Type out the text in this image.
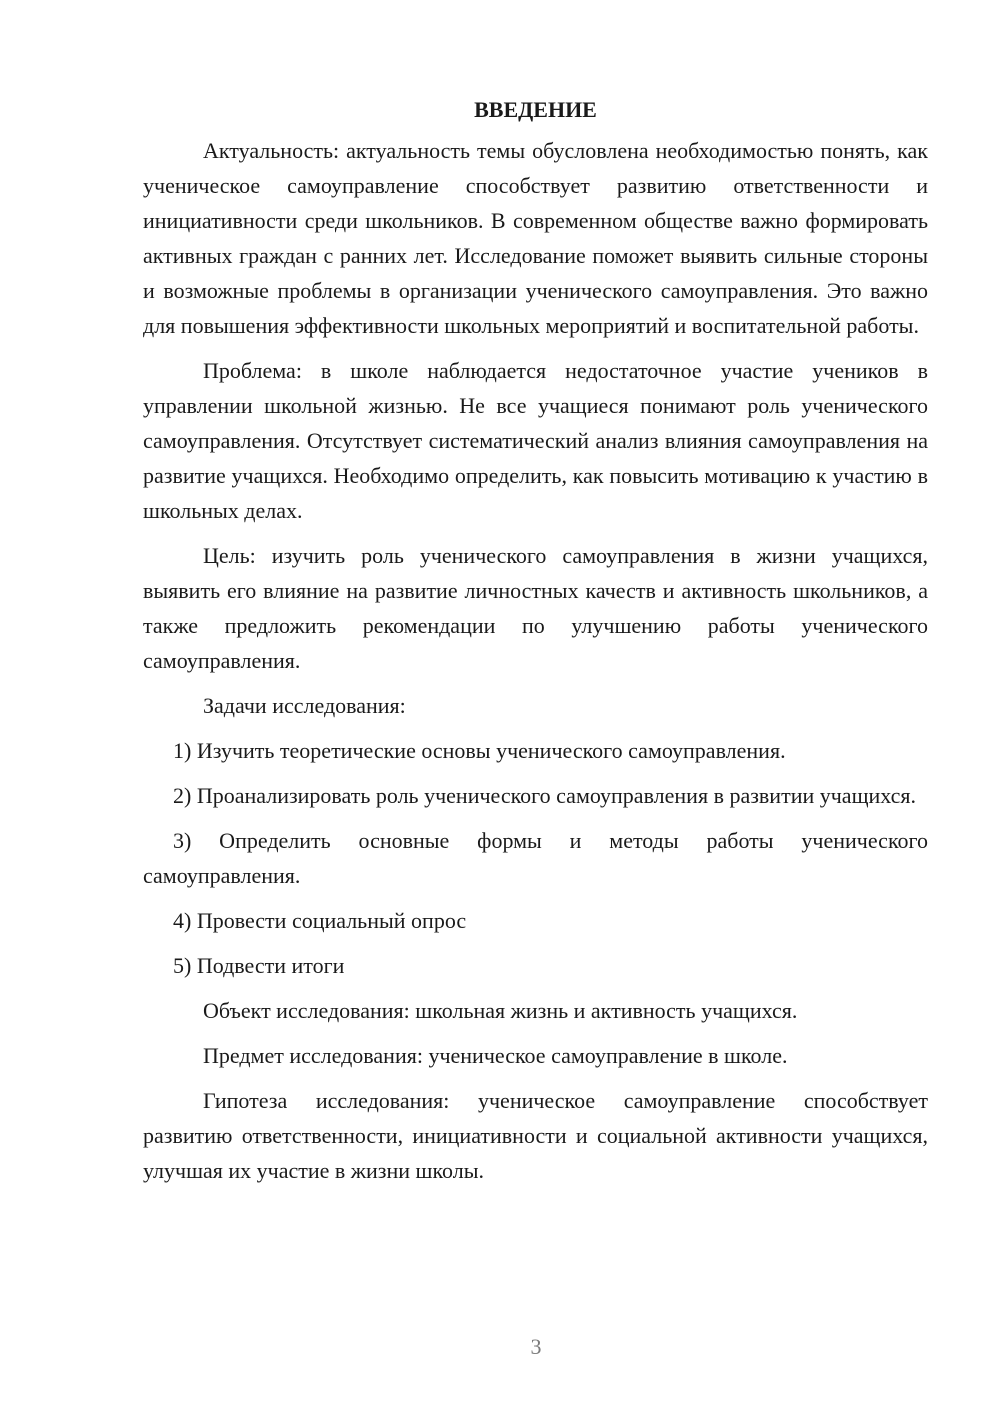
ВВЕДЕНИЕ

Актуальность: актуальность темы обусловлена необходимостью понять, как ученическое самоуправление способствует развитию ответственности и инициативности среди школьников. В современном обществе важно формировать активных граждан с ранних лет. Исследование поможет выявить сильные стороны и возможные проблемы в организации ученического самоуправления. Это важно для повышения эффективности школьных мероприятий и воспитательной работы.

Проблема: в школе наблюдается недостаточное участие учеников в управлении школьной жизнью. Не все учащиеся понимают роль ученического самоуправления. Отсутствует систематический анализ влияния самоуправления на развитие учащихся. Необходимо определить, как повысить мотивацию к участию в школьных делах.

Цель: изучить роль ученического самоуправления в жизни учащихся, выявить его влияние на развитие личностных качеств и активность школьников, а также предложить рекомендации по улучшению работы ученического самоуправления.

Задачи исследования:

1) Изучить теоретические основы ученического самоуправления.

2) Проанализировать роль ученического самоуправления в развитии учащихся.

3) Определить основные формы и методы работы ученического самоуправления.

4) Провести социальный опрос

5) Подвести итоги

Объект исследования: школьная жизнь и активность учащихся.

Предмет исследования: ученическое самоуправление в школе.

Гипотеза исследования: ученическое самоуправление способствует развитию ответственности, инициативности и социальной активности учащихся, улучшая их участие в жизни школы.

3
